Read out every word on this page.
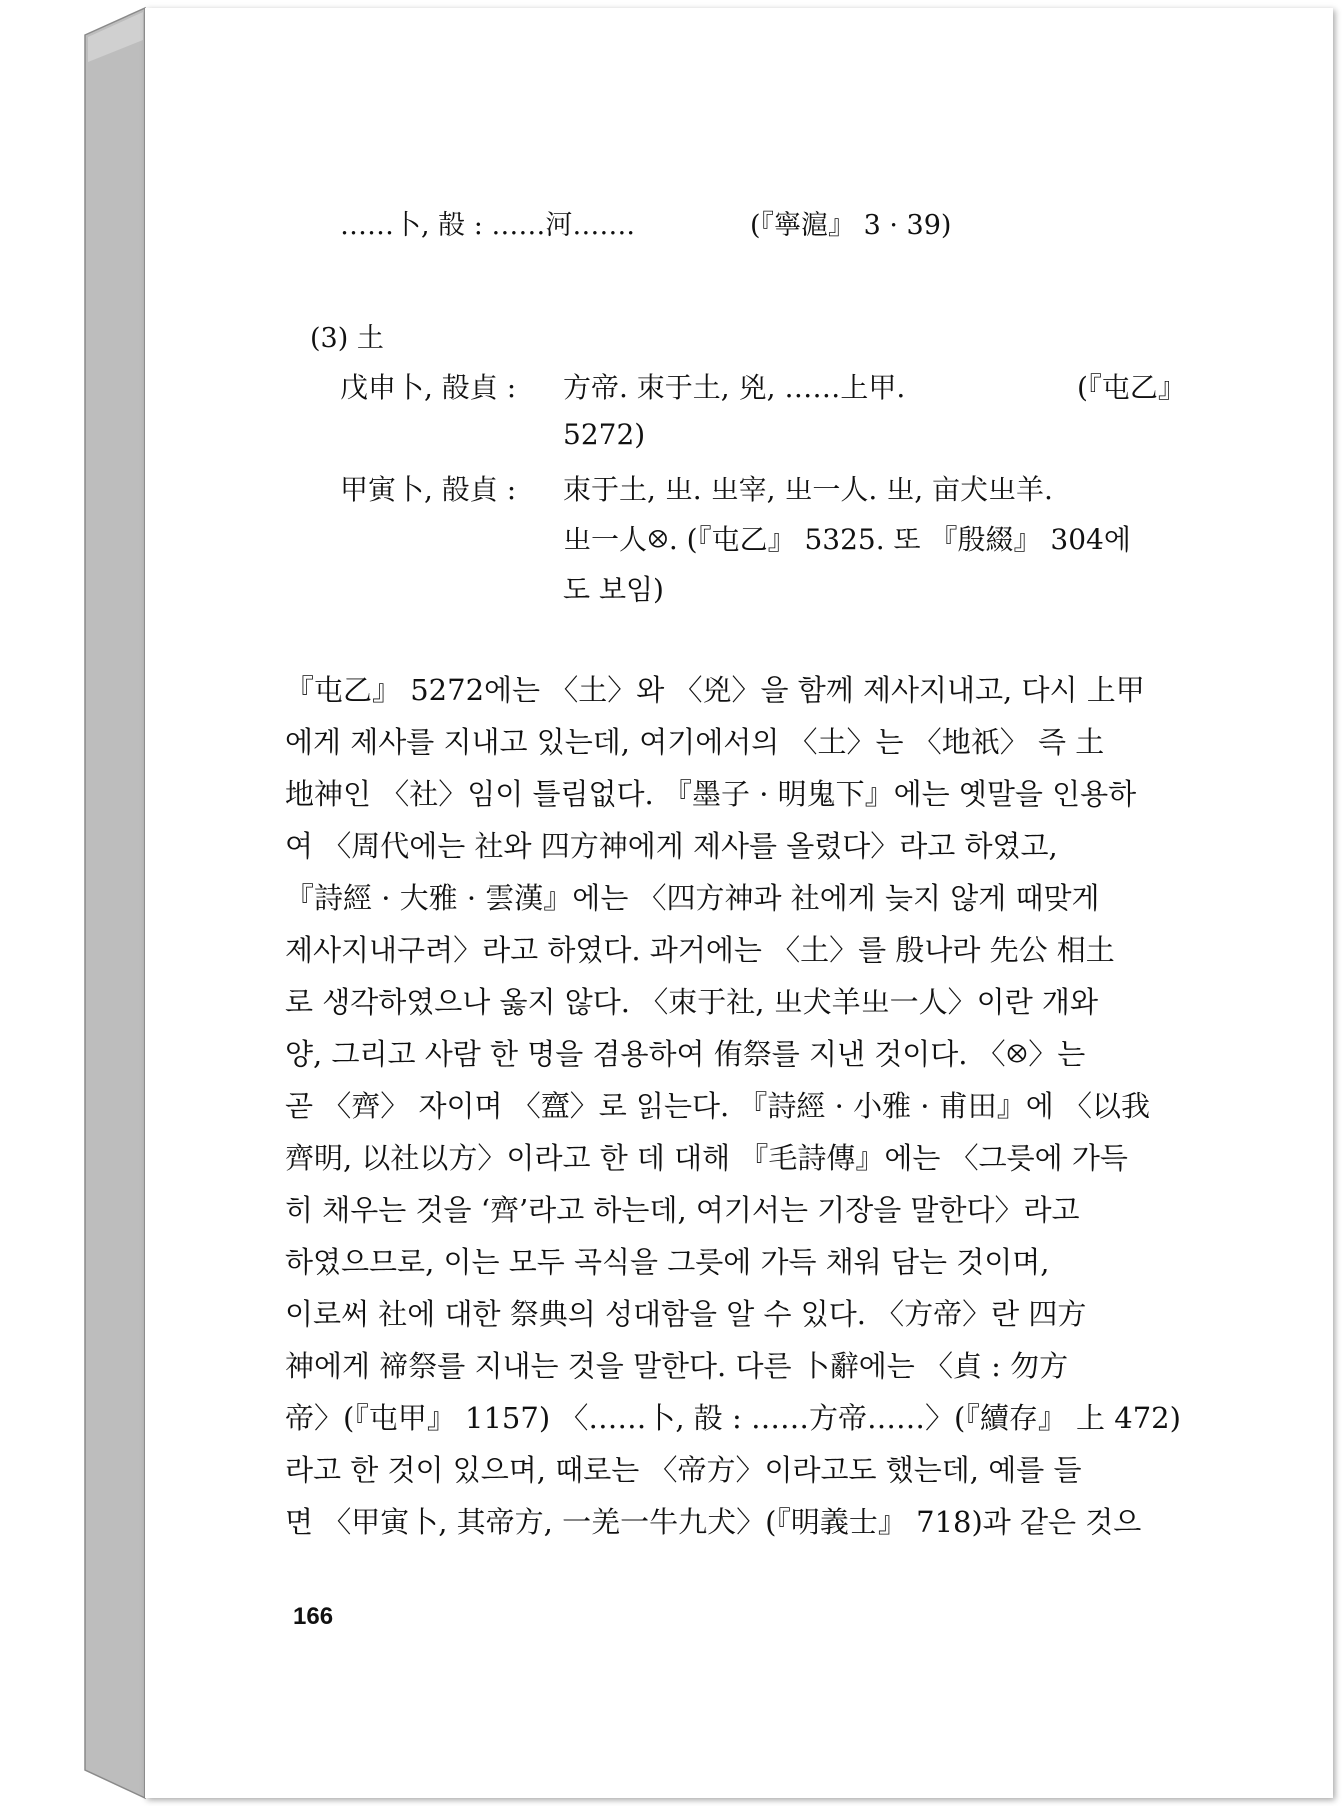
……卜, 㱿 : ……河…….	(『寧滬』 3 · 39)
(3) 土
戊申卜, 㱿貞 : 方帝. 朿于土, 兇, ……上甲.	(『屯乙』
5272)
甲寅卜, 㱿貞 : 朿于土, 㞢. 㞢宰, 㞢一人. 㞢, 亩犬㞢羊.
㞢一人ꕕ. (『屯乙』 5325. 또 『殷綴』 304에
도 보임)
『屯乙』 5272에는 〈土〉와 〈兇〉을 함께 제사지내고, 다시 上甲
에게 제사를 지내고 있는데, 여기에서의 〈土〉는 〈地祇〉 즉 土
地神인 〈社〉임이 틀림없다. 『墨子 · 明鬼下』에는 옛말을 인용하
여 〈周代에는 社와 四方神에게 제사를 올렸다〉라고 하였고,
『詩經 · 大雅 · 雲漢』에는 〈四方神과 社에게 늦지 않게 때맞게
제사지내구려〉라고 하였다. 과거에는 〈土〉를 殷나라 先公 相土
로 생각하였으나 옳지 않다. 〈朿于社, 㞢犬羊㞢一人〉이란 개와
양, 그리고 사람 한 명을 겸용하여 侑祭를 지낸 것이다. 〈ꕕ〉는
곧 〈齊〉 자이며 〈齍〉로 읽는다. 『詩經 · 小雅 · 甫田』에 〈以我
齊明, 以社以方〉이라고 한 데 대해 『毛詩傳』에는 〈그릇에 가득
히 채우는 것을 ‘齊’라고 하는데, 여기서는 기장을 말한다〉라고
하였으므로, 이는 모두 곡식을 그릇에 가득 채워 담는 것이며,
이로써 社에 대한 祭典의 성대함을 알 수 있다. 〈方帝〉란 四方
神에게 禘祭를 지내는 것을 말한다. 다른 卜辭에는 〈貞 : 勿方
帝〉(『屯甲』 1157) 〈……卜, 㱿 : ……方帝……〉(『續存』 上 472)
라고 한 것이 있으며, 때로는 〈帝方〉이라고도 했는데, 예를 들
면 〈甲寅卜, 其帝方, 一羌一牛九犬〉(『明義士』 718)과 같은 것으
166
